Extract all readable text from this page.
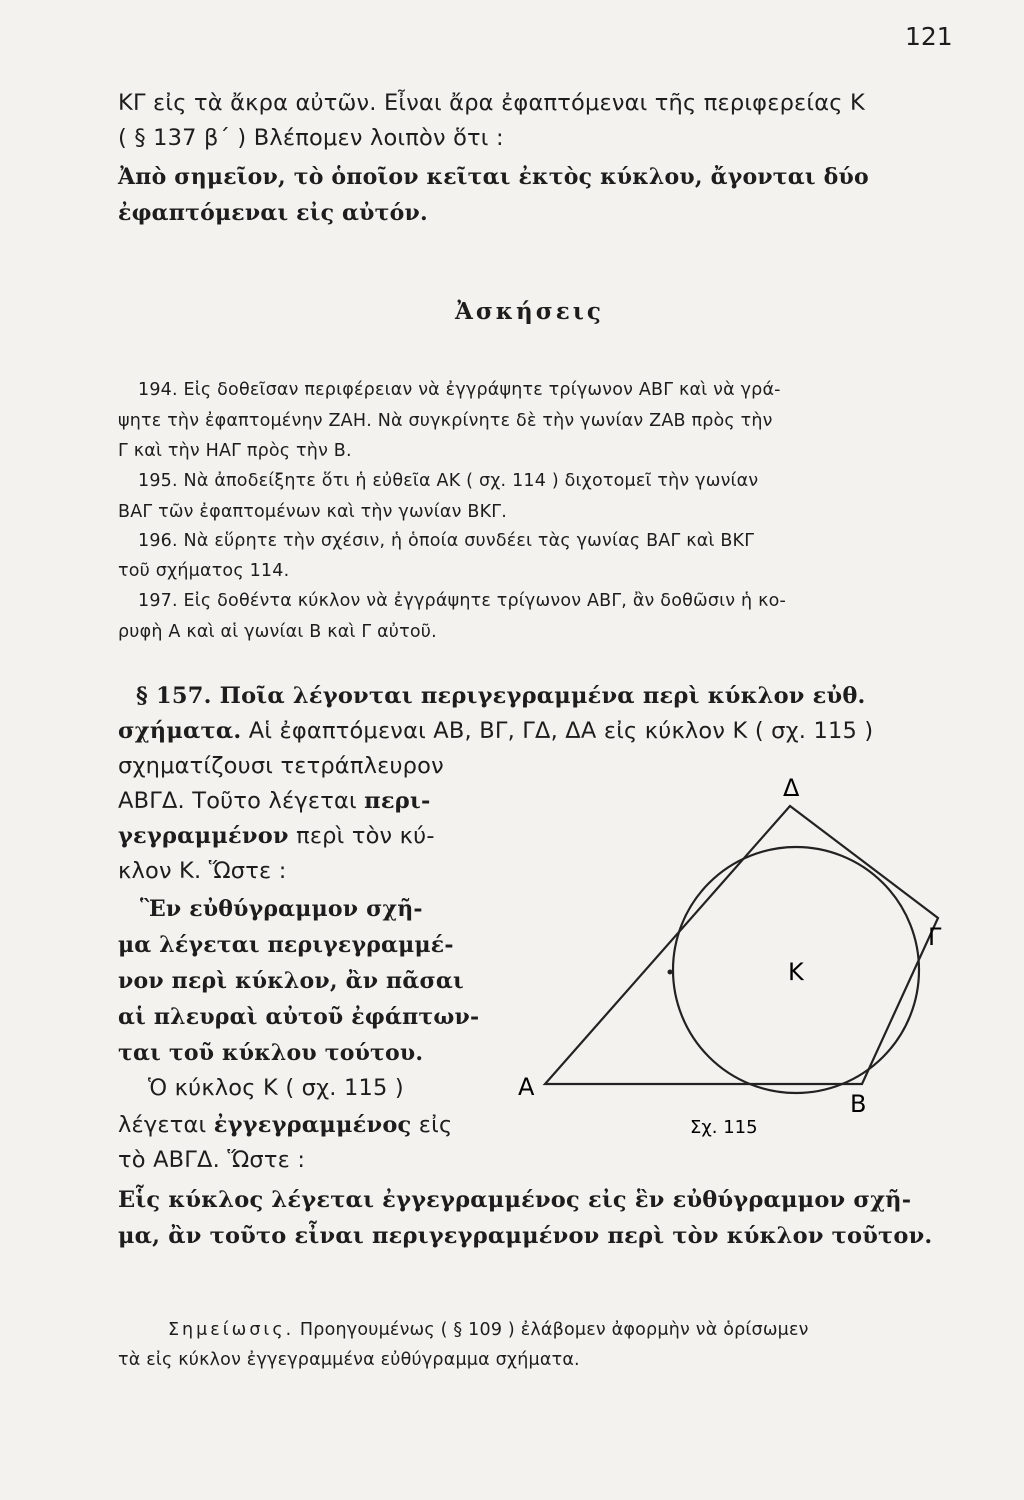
121
ΚΓ εἰς τὰ ἄκρα αὐτῶν. Εἶναι ἄρα ἐφαπτόμεναι τῆς περιφερείας Κ
( § 137 β΄ ) Βλέπομεν λοιπὸν ὅτι :
Ἀπὸ σημεῖον, τὸ ὁποῖον κεῖται ἐκτὸς κύκλου, ἄγονται δύο
ἐφαπτόμεναι εἰς αὐτόν.
Ἀσκήσεις
194. Εἰς δοθεῖσαν περιφέρειαν νὰ ἐγγράψητε τρίγωνον ΑΒΓ καὶ νὰ γρά-
ψητε τὴν ἐφαπτομένην ΖΑΗ. Νὰ συγκρίνητε δὲ τὴν γωνίαν ΖΑΒ πρὸς τὴν
Γ καὶ τὴν ΗΑΓ πρὸς τὴν Β.
195. Νὰ ἀποδείξητε ὅτι ἡ εὐθεῖα ΑΚ ( σχ. 114 ) διχοτομεῖ τὴν γωνίαν
ΒΑΓ τῶν ἐφαπτομένων καὶ τὴν γωνίαν ΒΚΓ.
196. Νὰ εὕρητε τὴν σχέσιν, ἡ ὁποία συνδέει τὰς γωνίας ΒΑΓ καὶ ΒΚΓ
τοῦ σχήματος 114.
197. Εἰς δοθέντα κύκλον νὰ ἐγγράψητε τρίγωνον ΑΒΓ, ἂν δοθῶσιν ἡ κο-
ρυφὴ Α καὶ αἱ γωνίαι Β καὶ Γ αὐτοῦ.
§ 157. Ποῖα λέγονται περιγεγραμμένα περὶ κύκλον εὐθ.
σχήματα. Αἱ ἐφαπτόμεναι ΑΒ, ΒΓ, ΓΔ, ΔΑ εἰς κύκλον Κ ( σχ. 115 )
σχηματίζουσι τετράπλευρον
ΑΒΓΔ. Τοῦτο λέγεται περι-
γεγραμμένον περὶ τὸν κύ-
κλον Κ. Ὥστε :
Ἓν εὐθύγραμμον σχῆ-
μα λέγεται περιγεγραμμέ-
νον περὶ κύκλον, ἂν πᾶσαι
αἱ πλευραὶ αὐτοῦ ἐφάπτων-
ται τοῦ κύκλου τούτου.
Ὁ κύκλος Κ ( σχ. 115 )
λέγεται ἐγγεγραμμένος εἰς
τὸ ΑΒΓΔ. Ὥστε :
Εἷς κύκλος λέγεται ἐγγεγραμμένος εἰς ἓν εὐθύγραμμον σχῆ-
μα, ἂν τοῦτο εἶναι περιγεγραμμένον περὶ τὸν κύκλον τοῦτον.
Σημείωσις. Προηγουμένως ( § 109 ) ἐλάβομεν ἀφορμὴν νὰ ὁρίσωμεν
τὰ εἰς κύκλον ἐγγεγραμμένα εὐθύγραμμα σχήματα.
Α
Β
Γ
Δ
Κ
Σχ. 115
